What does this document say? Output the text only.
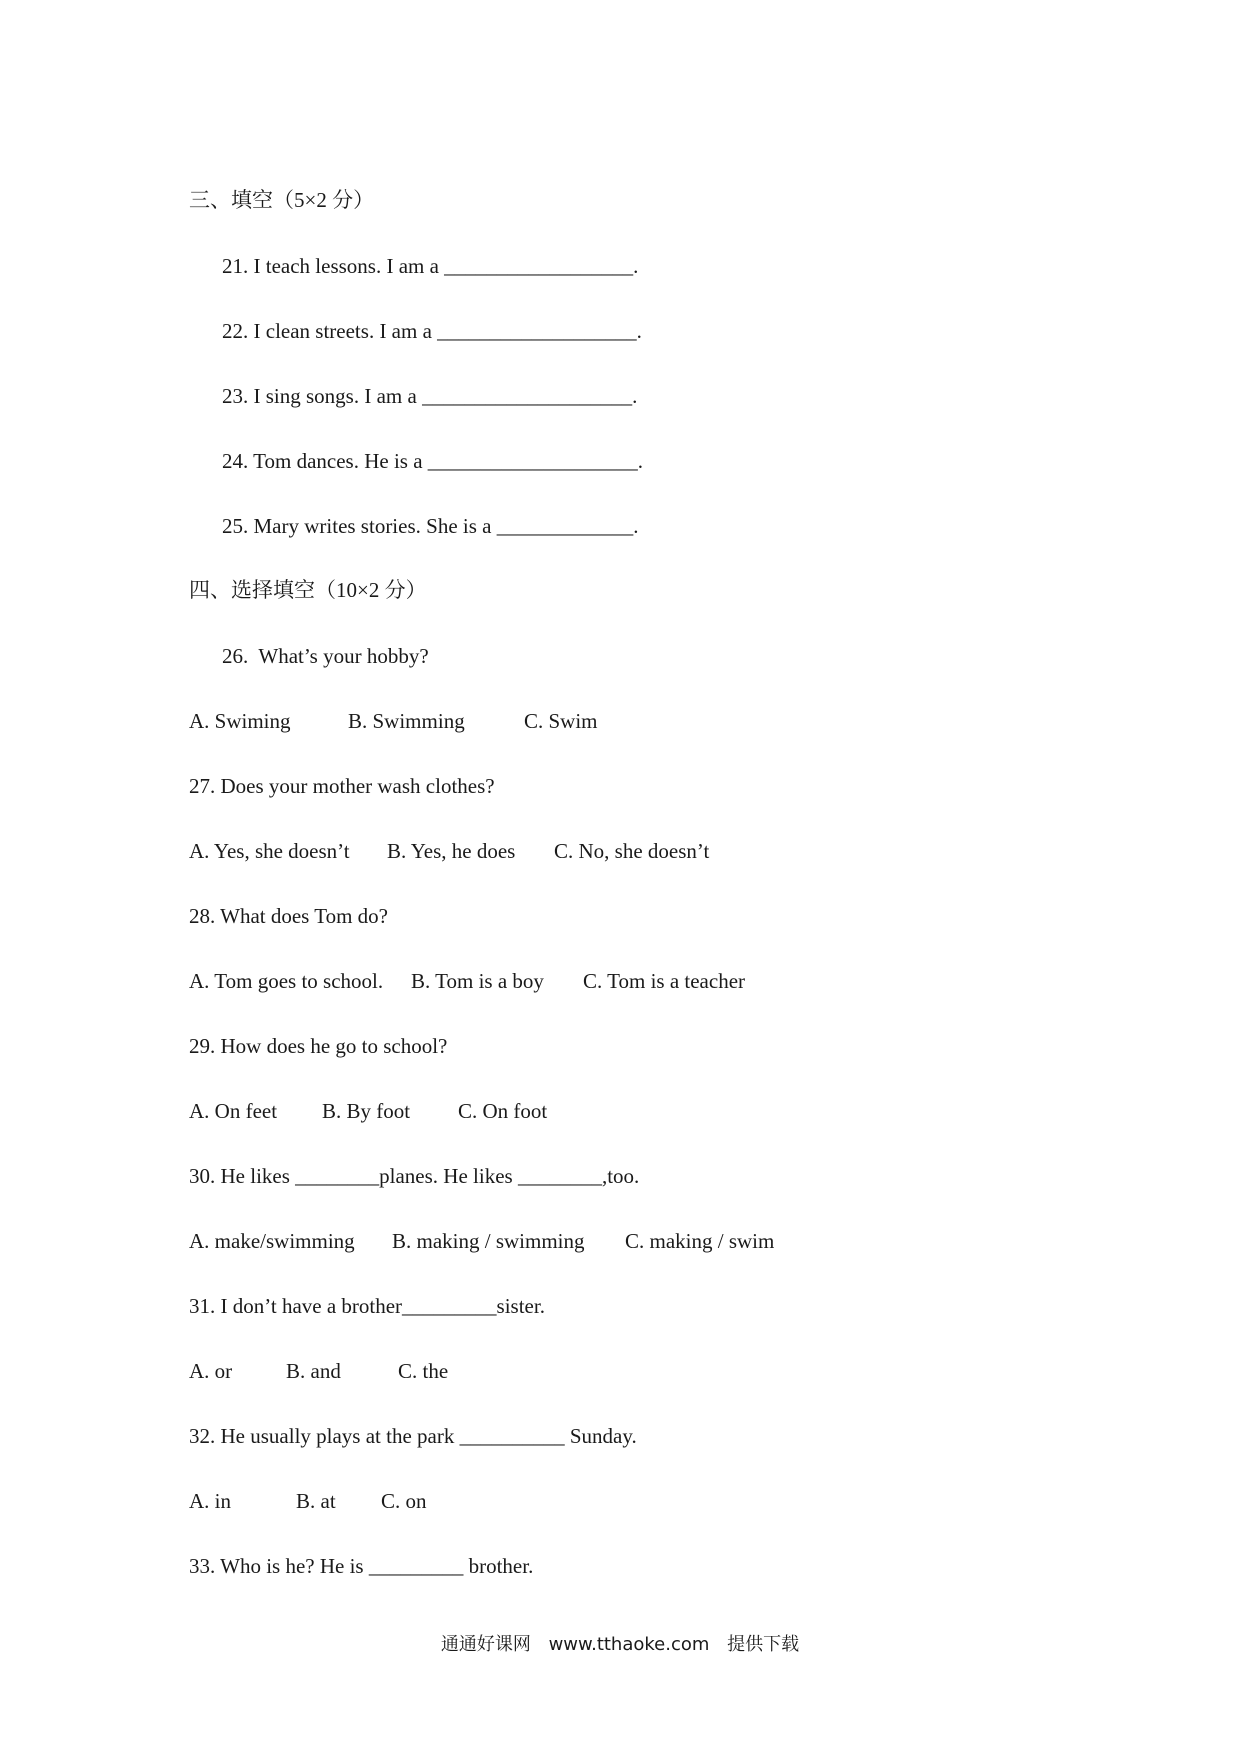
三、填空（5×2 分）
21. I teach lessons. I am a __________________.
22. I clean streets. I am a ___________________.
23. I sing songs. I am a ____________________.
24. Tom dances. He is a ____________________.
25. Mary writes stories. She is a _____________.
四、选择填空（10×2 分）
26.  What’s your hobby?
A. Swiming	B. Swimming	C. Swim
27. Does your mother wash clothes?
A. Yes, she doesn’t B. Yes, he does C. No, she doesn’t
28. What does Tom do?
A. Tom goes to school. B. Tom is a boy C. Tom is a teacher
29. How does he go to school?
A. On feet B. By foot C. On foot
30. He likes ________planes. He likes ________,too.
A. make/swimming B. making / swimming C. making / swim
31. I don’t have a brother_________sister.
A. or	B. and	C. the
32. He usually plays at the park __________ Sunday.
A. in	B. at C. on
33. Who is he? He is _________ brother.
通通好课网 www.tthaoke.com 提供下载
